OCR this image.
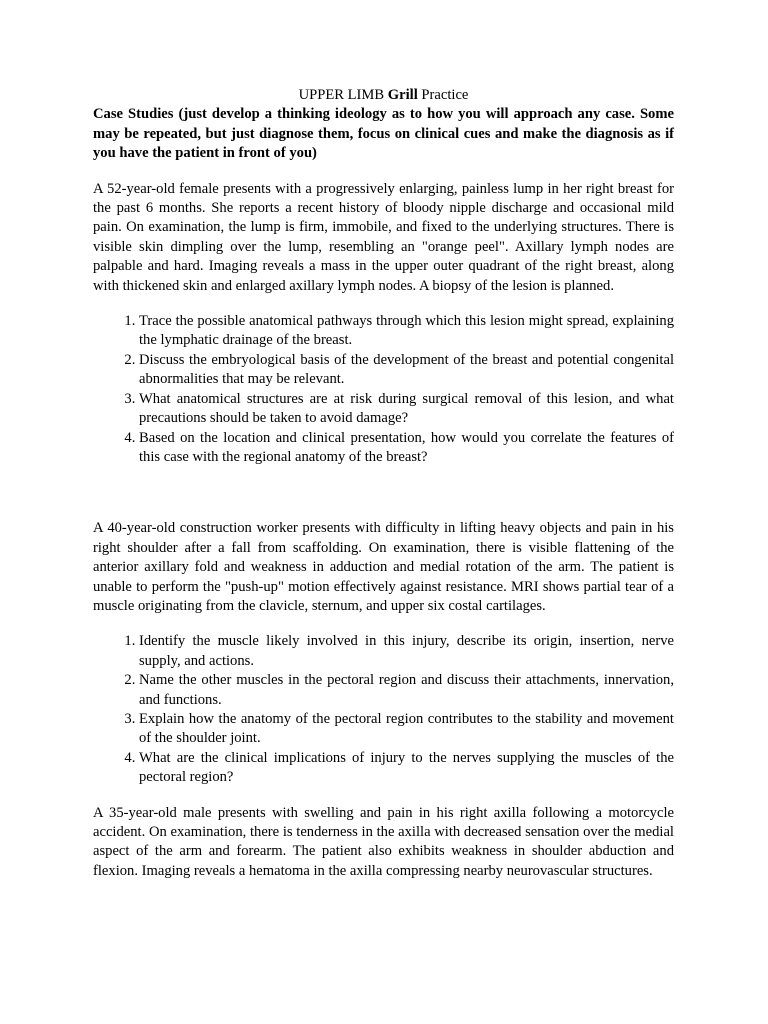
UPPER LIMB Grill Practice

Case Studies (just develop a thinking ideology as to how you will approach any case. Some may be repeated, but just diagnose them, focus on clinical cues and make the diagnosis as if you have the patient in front of you)

A 52-year-old female presents with a progressively enlarging, painless lump in her right breast for the past 6 months. She reports a recent history of bloody nipple discharge and occasional mild pain. On examination, the lump is firm, immobile, and fixed to the underlying structures. There is visible skin dimpling over the lump, resembling an "orange peel". Axillary lymph nodes are palpable and hard. Imaging reveals a mass in the upper outer quadrant of the right breast, along with thickened skin and enlarged axillary lymph nodes. A biopsy of the lesion is planned.

1. Trace the possible anatomical pathways through which this lesion might spread, explaining the lymphatic drainage of the breast.
2. Discuss the embryological basis of the development of the breast and potential congenital abnormalities that may be relevant.
3. What anatomical structures are at risk during surgical removal of this lesion, and what precautions should be taken to avoid damage?
4. Based on the location and clinical presentation, how would you correlate the features of this case with the regional anatomy of the breast?

A 40-year-old construction worker presents with difficulty in lifting heavy objects and pain in his right shoulder after a fall from scaffolding. On examination, there is visible flattening of the anterior axillary fold and weakness in adduction and medial rotation of the arm. The patient is unable to perform the "push-up" motion effectively against resistance. MRI shows partial tear of a muscle originating from the clavicle, sternum, and upper six costal cartilages.

1. Identify the muscle likely involved in this injury, describe its origin, insertion, nerve supply, and actions.
2. Name the other muscles in the pectoral region and discuss their attachments, innervation, and functions.
3. Explain how the anatomy of the pectoral region contributes to the stability and movement of the shoulder joint.
4. What are the clinical implications of injury to the nerves supplying the muscles of the pectoral region?

A 35-year-old male presents with swelling and pain in his right axilla following a motorcycle accident. On examination, there is tenderness in the axilla with decreased sensation over the medial aspect of the arm and forearm. The patient also exhibits weakness in shoulder abduction and flexion. Imaging reveals a hematoma in the axilla compressing nearby neurovascular structures.
